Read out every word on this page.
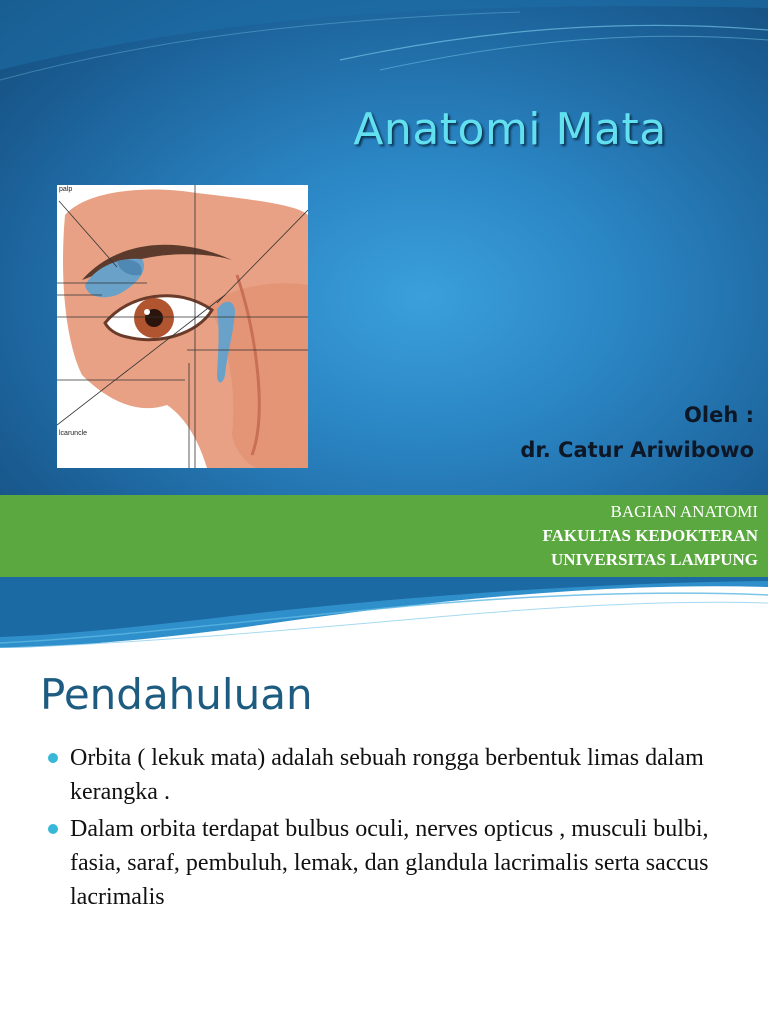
Anatomi Mata
palp
lcaruncle
Oleh :
dr. Catur Ariwibowo
BAGIAN ANATOMI
FAKULTAS KEDOKTERAN
UNIVERSITAS LAMPUNG
Pendahuluan
Orbita ( lekuk mata) adalah sebuah rongga berbentuk limas dalam kerangka .
Dalam orbita terdapat bulbus oculi, nerves opticus , musculi bulbi, fasia, saraf, pembuluh, lemak, dan glandula lacrimalis serta saccus lacrimalis
